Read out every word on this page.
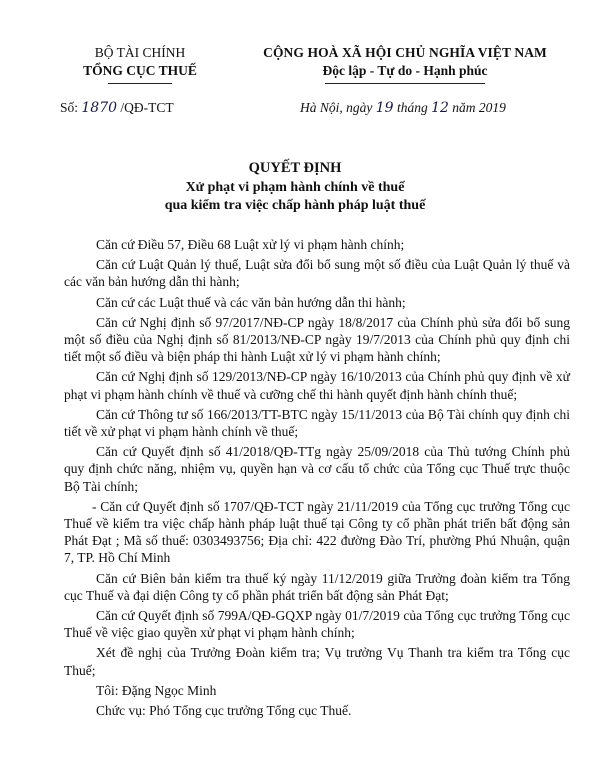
BỘ TÀI CHÍNH
TỔNG CỤC THUẾ
CỘNG HOÀ XÃ HỘI CHỦ NGHĨA VIỆT NAM
Độc lập - Tự do - Hạnh phúc
Số: 1870 /QĐ-TCT	Hà Nội, ngày 19 tháng 12 năm 2019
QUYẾT ĐỊNH
Xử phạt vi phạm hành chính về thuế
qua kiểm tra việc chấp hành pháp luật thuế

Căn cứ Điều 57, Điều 68 Luật xử lý vi phạm hành chính;

Căn cứ Luật Quản lý thuế, Luật sửa đổi bổ sung một số điều của Luật Quản lý thuế và các văn bản hướng dẫn thi hành;

Căn cứ các Luật thuế và các văn bản hướng dẫn thi hành;

Căn cứ Nghị định số 97/2017/NĐ-CP ngày 18/8/2017 của Chính phủ sửa đổi bổ sung một số điều của Nghị định số 81/2013/NĐ-CP ngày 19/7/2013 của Chính phủ quy định chi tiết một số điều và biện pháp thi hành Luật xử lý vi phạm hành chính;

Căn cứ Nghị định số 129/2013/NĐ-CP ngày 16/10/2013 của Chính phủ quy định về xử phạt vi phạm hành chính về thuế và cưỡng chế thi hành quyết định hành chính thuế;

Căn cứ Thông tư số 166/2013/TT-BTC ngày 15/11/2013 của Bộ Tài chính quy định chi tiết về xử phạt vi phạm hành chính về thuế;

Căn cứ Quyết định số 41/2018/QĐ-TTg ngày 25/09/2018 của Thủ tướng Chính phủ quy định chức năng, nhiệm vụ, quyền hạn và cơ cấu tổ chức của Tổng cục Thuế trực thuộc Bộ Tài chính;

- Căn cứ Quyết định số 1707/QĐ-TCT ngày 21/11/2019 của Tổng cục trưởng Tổng cục Thuế về kiểm tra việc chấp hành pháp luật thuế tại Công ty cổ phần phát triển bất động sản Phát Đạt ; Mã số thuế: 0303493756; Địa chỉ: 422 đường Đào Trí, phường Phú Nhuận, quận 7, TP. Hồ Chí Minh

Căn cứ Biên bản kiểm tra thuế ký ngày 11/12/2019 giữa Trưởng đoàn kiểm tra Tổng cục Thuế và đại diện Công ty cổ phần phát triển bất động sản Phát Đạt;

Căn cứ Quyết định số 799A/QĐ-GQXP ngày 01/7/2019 của Tổng cục trưởng Tổng cục Thuế về việc giao quyền xử phạt vi phạm hành chính;

Xét đề nghị của Trưởng Đoàn kiểm tra; Vụ trưởng Vụ Thanh tra kiểm tra Tổng cục Thuế;

Tôi: Đặng Ngọc Minh

Chức vụ: Phó Tổng cục trưởng Tổng cục Thuế.
